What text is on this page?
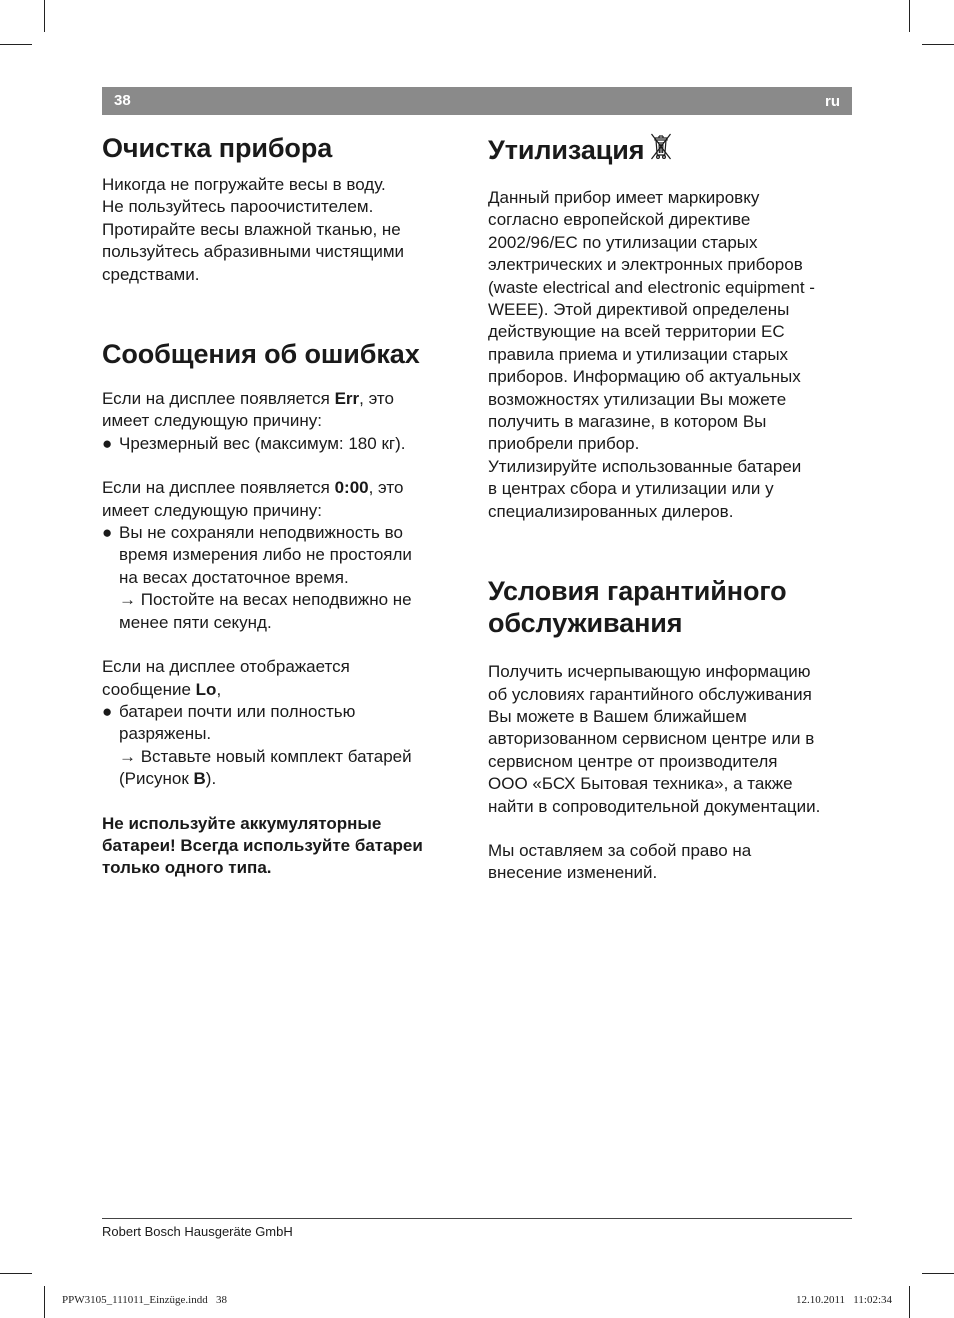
38	ru
Очистка прибора

Никогда не погружайте весы в воду.
Не пользуйтесь пароочистителем.
Протирайте весы влажной тканью, не
пользуйтесь абразивными чистящими
средствами.

Сообщения об ошибках

Если на дисплее появляется Err, это
имеет следующую причину:

● Чрезмерный вес (максимум: 180 кг).

Если на дисплее появляется 0:00, это
имеет следующую причину:

● Вы не сохраняли неподвижность во
время измерения либо не простояли
на весах достаточное время.
→ Постойте на весах неподвижно не
менее пяти секунд.

Если на дисплее отображается
сообщение Lo,

● батареи почти или полностью
разряжены.
→ Вставьте новый комплект батарей
(Рисунок B).

Не используйте аккумуляторные
батареи! Всегда используйте батареи
только одного типа.

Утилизация

Данный прибор имеет маркировку
согласно европейской директиве
2002/96/EC по утилизации старых
электрических и электронных приборов
(waste electrical and electronic equipment -
WEEE). Этой директивой определены
действующие на всей территории ЕС
правила приема и утилизации старых
приборов. Информацию об актуальных
возможностях утилизации Вы можете
получить в магазине, в котором Вы
приобрели прибор.
Утилизируйте использованные батареи
в центрах сбора и утилизации или у
специализированных дилеров.

Условия гарантийного
обслуживания

Получить исчерпывающую информацию
об условиях гарантийного обслуживания
Вы можете в Вашем ближайшем
авторизованном сервисном центре или в
сервисном центре от производителя
ООО «БСХ Бытовая техника», а также
найти в сопроводительной документации.

Мы оставляем за собой право на
внесение изменений.

Robert Bosch Hausgeräte GmbH
PPW3105_111011_Einzüge.indd   38	12.10.2011   11:02:34
